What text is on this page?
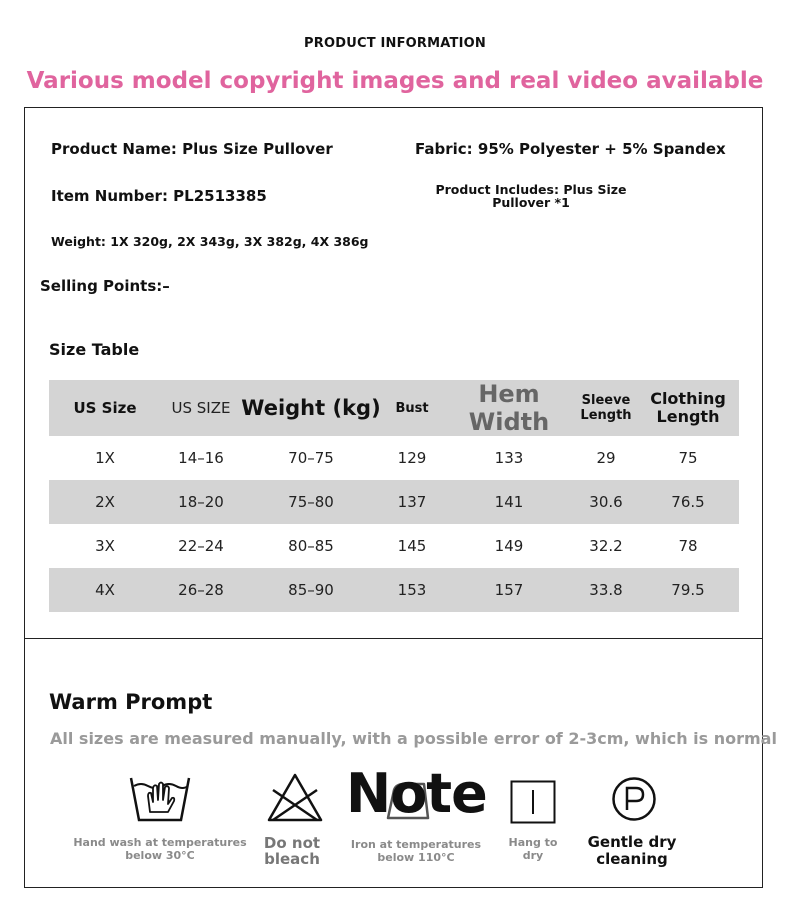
PRODUCT INFORMATION
Various model copyright images and real video available
Product Name: Plus Size Pullover	Fabric: 95% Polyester + 5% Spandex
Item Number: PL2513385	Product Includes: Plus Size Pullover *1
Weight: 1X 320g, 2X 343g, 3X 382g, 4X 386g
Selling Points:–
Size Table
US Size	US SIZE	Weight (kg)	Bust	Hem Width	Sleeve Length	Clothing Length
1X	14–16	70–75	129	133	29	75
2X	18–20	75–80	137	141	30.6	76.5
3X	22–24	80–85	145	149	32.2	78
4X	26–28	85–90	153	157	33.8	79.5
Warm Prompt
All sizes are measured manually, with a possible error of 2-3cm, which is normal
Hand wash at temperatures below 30°C
Do not bleach
Note
Iron at temperatures below 110°C
Hang to dry
Gentle dry cleaning
